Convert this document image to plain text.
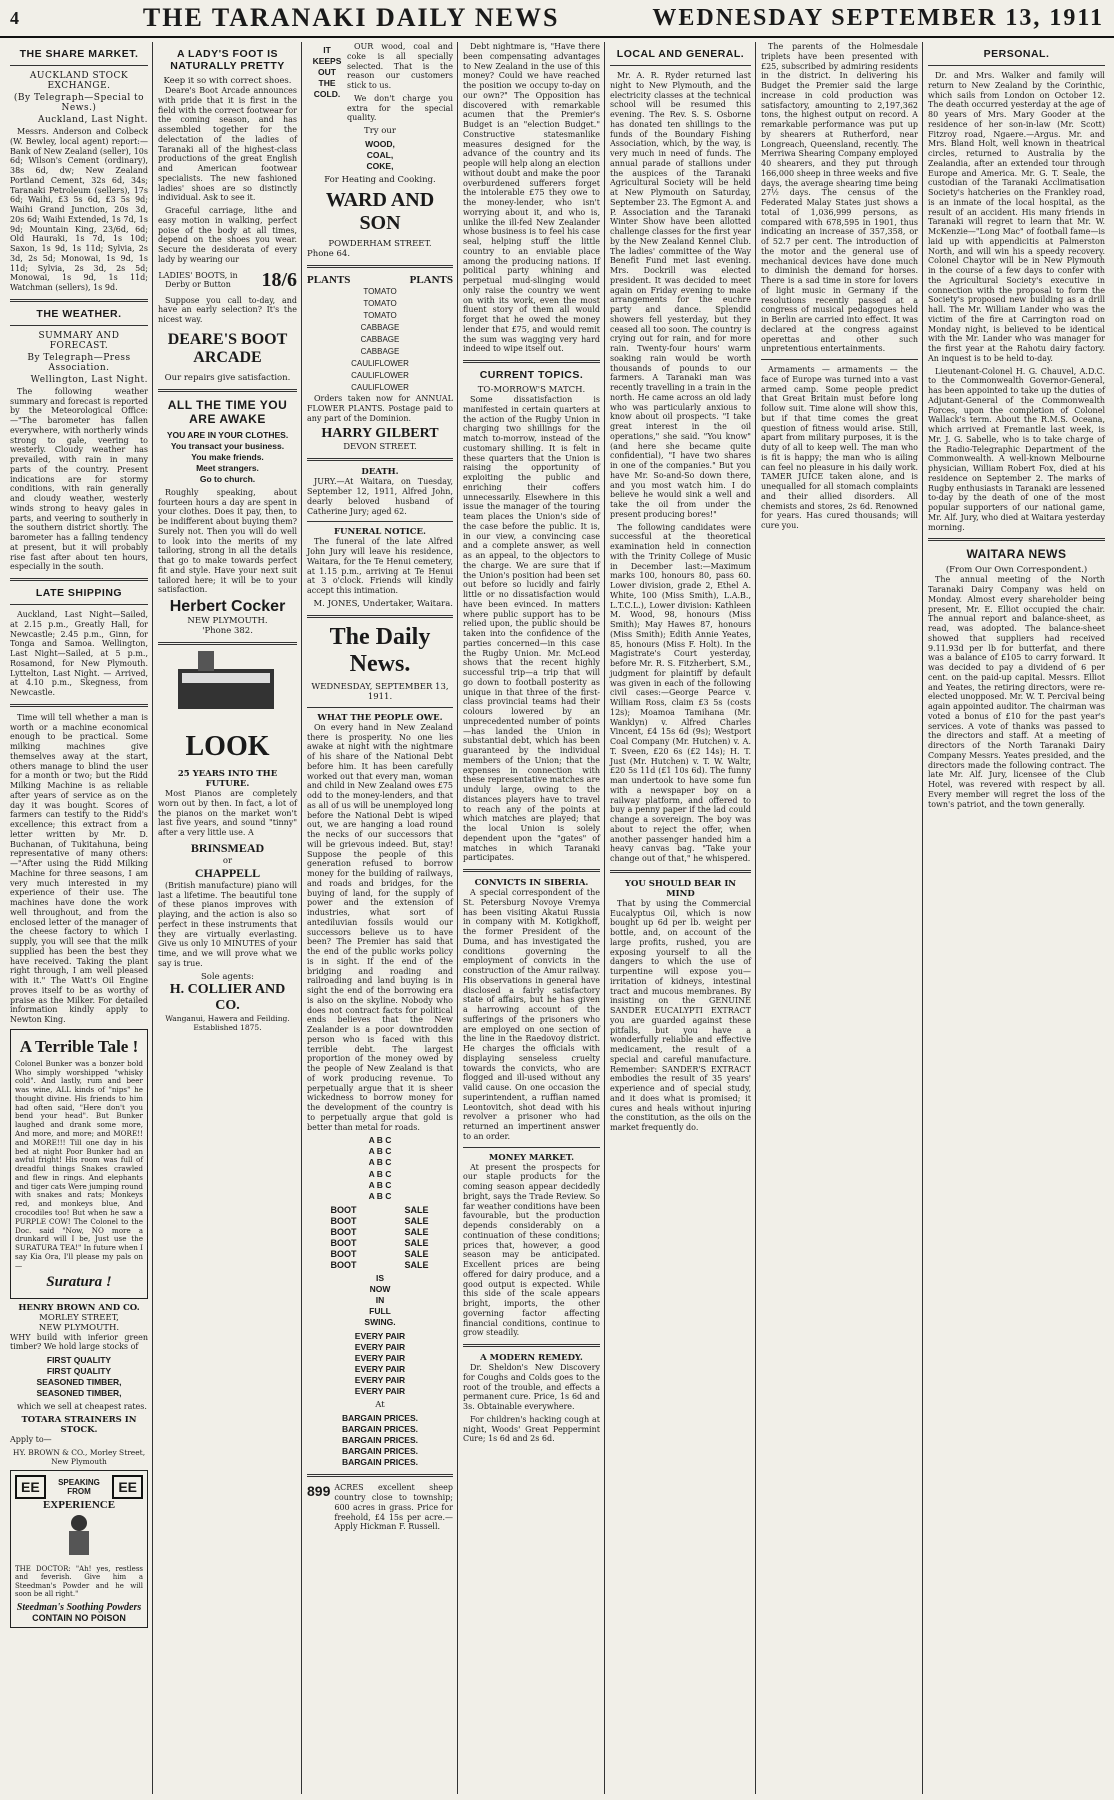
4	THE TARANAKI DAILY NEWS	WEDNESDAY SEPTEMBER 13, 1911
THE SHARE MARKET.
AUCKLAND STOCK EXCHANGE.
(By Telegraph—Special to News.)
Auckland, Last Night.

Messrs. Anderson and Colbeck (W. Bewley, local agent) report:—Bank of New Zealand (seller), 10s 6d; Wilson's Cement (ordinary), 38s 6d, dw; New Zealand Portland Cement, 32s 6d, 34s; Taranaki Petroleum (sellers), 17s 6d; Waihi, £3 5s 6d, £3 5s 9d; Waihi Grand Junction, 20s 3d, 20s 6d; Waihi Extended, 1s 7d, 1s 9d; Mountain King, 23/6d, 6d; Old Hauraki, 1s 7d, 1s 10d; Saxon, 1s 9d, 1s 11d; Sylvia, 2s 3d, 2s 5d; Monowai, 1s 9d, 1s 11d; Sylvia, 2s 3d, 2s 5d; Monowai, 1s 9d, 1s 11d; Watchman (sellers), 1s 9d.

THE WEATHER.
SUMMARY AND FORECAST.
By Telegraph—Press Association.
Wellington, Last Night.

The following weather summary and forecast is reported by the Meteorological Office:—"The barometer has fallen everywhere, with northerly winds strong to gale, veering to westerly. Cloudy weather has prevailed, with rain in many parts of the country. Present indications are for stormy conditions, with rain generally and cloudy weather, westerly winds strong to heavy gales in parts, and veering to southerly in the southern district shortly. The barometer has a falling tendency at present, but it will probably rise fast after about ten hours, especially in the south.

LATE SHIPPING

Auckland, Last Night—Sailed, at 2.15 p.m., Greatly Hall, for Newcastle; 2.45 p.m., Ginn, for Tonga and Samoa. Wellington, Last Night—Sailed, at 5 p.m., Rosamond, for New Plymouth. Lyttelton, Last Night. — Arrived, at 4.10 p.m., Skegness, from Newcastle.

Time will tell whether a man is worth or a machine economical enough to be practical. Some milking machines give themselves away at the start, others manage to blind the user for a month or two; but the Ridd Milking Machine is as reliable after years of service as on the day it was bought. Scores of farmers can testify to the Ridd's excellence; this extract from a letter written by Mr. D. Buchanan, of Tukitahuna, being representative of many others:—"After using the Ridd Milking Machine for three seasons, I am very much interested in my experience of their use. The machines have done the work well throughout, and from the enclosed letter of the manager of the cheese factory to which I supply, you will see that the milk supplied has been the best they have received. Taking the plant right through, I am well pleased with it." The Watt's Oil Engine proves itself to be as worthy of praise as the Milker. For detailed information kindly apply to Newton King.

A Terrible Tale !

Colonel Bunker was a bonzer bold Who simply worshipped "whisky cold". And lastly, rum and beer was wine, ALL kinds of "nips" he thought divine. His friends to him had often said, "Here don't you bend your head". But Bunker laughed and drank some more, And more, and more; and MORE!! and MORE!!! Till one day in his bed at night Poor Bunker had an awful fright! His room was full of dreadful things Snakes crawled and flew in rings. And elephants and tiger cats Were jumping round with snakes and rats; Monkeys red, and monkeys blue, And crocodiles too! But when he saw a PURPLE COW! The Colonel to the Doc. said "Now, NO more a drunkard will I be, Just use the SURATURA TEA!" In future when I say Kia Ora, I'll please my pals on—

Suratura !
HENRY BROWN AND CO.
MORLEY STREET,
NEW PLYMOUTH.

WHY build with inferior green timber? We hold large stocks of

FIRST QUALITY
FIRST QUALITY
SEASONED TIMBER,
SEASONED TIMBER,

which we sell at cheapest rates.

TOTARA STRAINERS IN STOCK.

Apply to—

HY. BROWN & CO., Morley Street, New Plymouth
EE	SPEAKING FROM	EE
EXPERIENCE

THE DOCTOR: "Ah! yes, restless and feverish. Give him a Steedman's Powder and he will soon be all right."

Steedman's Soothing Powders
CONTAIN NO POISON
A LADY'S FOOT IS NATURALLY PRETTY
Keep it so with correct shoes.

Deare's Boot Arcade announces with pride that it is first in the field with the correct footwear for the coming season, and has assembled together for the delectation of the ladies of Taranaki all of the highest-class productions of the great English and American footwear specialists. The new fashioned ladies' shoes are so distinctly individual. Ask to see it.

Graceful carriage, lithe and easy motion in walking, perfect poise of the body at all times, depend on the shoes you wear. Secure the desiderata of every lady by wearing our

LADIES' BOOTS, in Derby or Button	18/6

Suppose you call to-day, and have an early selection? It's the nicest way.

DEARE'S BOOT ARCADE
Our repairs give satisfaction.
ALL THE TIME YOU ARE AWAKE
YOU ARE IN YOUR CLOTHES.
You transact your business.
You make friends.
Meet strangers.
Go to church.

Roughly speaking, about fourteen hours a day are spent in your clothes. Does it pay, then, to be indifferent about buying them? Surely not. Then you will do well to look into the merits of my tailoring, strong in all the details that go to make towards perfect fit and style. Have your next suit tailored here; it will be to your satisfaction.

Herbert Cocker
NEW PLYMOUTH.
'Phone 382.
LOOK
25 YEARS INTO THE FUTURE.

Most Pianos are completely worn out by then. In fact, a lot of the pianos on the market won't last five years, and sound "tinny" after a very little use. A

BRINSMEAD
or
CHAPPELL

(British manufacture) piano will last a lifetime. The beautiful tone of these pianos improves with playing, and the action is also so perfect in these instruments that they are virtually everlasting. Give us only 10 MINUTES of your time, and we will prove what we say is true.

Sole agents:
H. COLLIER AND CO.
Wanganui, Hawera and Feilding.
Established 1875.
IT
KEEPS
OUT
THE
COLD.

OUR wood, coal and coke is all specially selected. That is the reason our customers stick to us.

We don't charge you extra for the special quality.

Try our
WOOD,
COAL,
COKE,
For Heating and Cooking.
WARD AND SON
POWDERHAM STREET.
Phone 64.
PLANTS	PLANTS
TOMATO
TOMATO
TOMATO
CABBAGE
CABBAGE
CABBAGE
CAULIFLOWER
CAULIFLOWER
CAULIFLOWER

Orders taken now for ANNUAL FLOWER PLANTS. Postage paid to any part of the Dominion.

HARRY GILBERT
DEVON STREET.
DEATH.

JURY.—At Waitara, on Tuesday, September 12, 1911, Alfred John, dearly beloved husband of Catherine Jury; aged 62.

FUNERAL NOTICE.

The funeral of the late Alfred John Jury will leave his residence, Waitara, for the Te Henui cemetery, at 1.15 p.m., arriving at Te Henui at 3 o'clock. Friends will kindly accept this intimation.

M. JONES, Undertaker, Waitara.
The Daily News.
WEDNESDAY, SEPTEMBER 13, 1911.
WHAT THE PEOPLE OWE.

On every hand in New Zealand there is prosperity. No one lies awake at night with the nightmare of his share of the National Debt before him. It has been carefully worked out that every man, woman and child in New Zealand owes £75 odd to the money-lenders, and that as all of us will be unemployed long before the National Debt is wiped out, we are hanging a load round the necks of our successors that will be grievous indeed. But, stay! Suppose the people of this generation refused to borrow money for the building of railways, and roads and bridges, for the buying of land, for the supply of power and the extension of industries, what sort of antediluvian fossils would our successors believe us to have been? The Premier has said that the end of the public works policy is in sight. If the end of the bridging and roading and railroading and land buying is in sight the end of the borrowing era is also on the skyline. Nobody who does not contract facts for political ends believes that the New Zealander is a poor downtrodden person who is faced with this terrible debt. The largest proportion of the money owed by the people of New Zealand is that of work producing revenue. To perpetually argue that it is sheer wickedness to borrow money for the development of the country is to perpetually argue that gold is better than metal for roads.

A B C
A B C
A B C
A B C
A B C
A B C
BOOT	SALE
BOOT	SALE
BOOT	SALE
BOOT	SALE
BOOT	SALE
BOOT	SALE
IS
NOW
IN
FULL
SWING.
EVERY PAIR
EVERY PAIR
EVERY PAIR
EVERY PAIR
EVERY PAIR
EVERY PAIR
At
BARGAIN PRICES.
BARGAIN PRICES.
BARGAIN PRICES.
BARGAIN PRICES.
BARGAIN PRICES.
899 ACRES excellent sheep country close to township; 600 acres in grass. Price for freehold, £4 15s per acre.—Apply Hickman F. Russell.

Debt nightmare is, "Have there been compensating advantages to New Zealand in the use of this money? Could we have reached the position we occupy to-day on our own?" The Opposition has discovered with remarkable acumen that the Premier's Budget is an "election Budget." Constructive statesmanlike measures designed for the advance of the country and its people will help along an election without doubt and make the poor overburdened sufferers forget the intolerable £75 they owe to the money-lender, who isn't worrying about it, and who is, unlike the ill-fed New Zealander whose business is to feel his case seal, helping stuff the little country to an enviable place among the producing nations. If political party whining and perpetual mud-slinging would only raise the country we went on with its work, even the most fluent story of them all would forget that he owed the money lender that £75, and would remit the sum was wagging very hard indeed to wipe itself out.

CURRENT TOPICS.
TO-MORROW'S MATCH.

Some dissatisfaction is manifested in certain quarters at the action of the Rugby Union in charging two shillings for the match to-morrow, instead of the customary shilling. It is felt in these quarters that the Union is raising the opportunity of exploiting the public and enriching their coffers unnecessarily. Elsewhere in this issue the manager of the touring team places the Union's side of the case before the public. It is, in our view, a convincing case and a complete answer, as well as an appeal, to the objectors to the charge. We are sure that if the Union's position had been set out before so lucidly and fairly little or no dissatisfaction would have been evinced. In matters where public support has to be relied upon, the public should be taken into the confidence of the parties concerned—in this case the Rugby Union. Mr. McLeod shows that the recent highly successful trip—a trip that will go down to football posterity as unique in that three of the first-class provincial teams had their colours lowered by an unprecedented number of points—has landed the Union in substantial debt, which has been guaranteed by the individual members of the Union; that the expenses in connection with these representative matches are unduly large, owing to the distances players have to travel to reach any of the points at which matches are played; that the local Union is solely dependent upon the "gates" of matches in which Taranaki participates.

CONVICTS IN SIBERIA.

A special correspondent of the St. Petersburg Novoye Vremya has been visiting Akatui Russia in company with M. Kotigkhoff, the former President of the Duma, and has investigated the conditions governing the employment of convicts in the construction of the Amur railway. His observations in general have disclosed a fairly satisfactory state of affairs, but he has given a harrowing account of the sufferings of the prisoners who are employed on one section of the line in the Raedovoy district. He charges the officials with displaying senseless cruelty towards the convicts, who are flogged and ill-used without any valid cause. On one occasion the superintendent, a ruffian named Leontovitch, shot dead with his revolver a prisoner who had returned an impertinent answer to an order.

MONEY MARKET.

At present the prospects for our staple products for the coming season appear decidedly bright, says the Trade Review. So far weather conditions have been favourable, but the production depends considerably on a continuation of these conditions; prices that, however, a good season may be anticipated. Excellent prices are being offered for dairy produce, and a good output is expected. While this side of the scale appears bright, imports, the other governing factor affecting financial conditions, continue to grow steadily.

A MODERN REMEDY.

Dr. Sheldon's New Discovery for Coughs and Colds goes to the root of the trouble, and effects a permanent cure. Price, 1s 6d and 3s. Obtainable everywhere.

For children's hacking cough at night, Woods' Great Peppermint Cure; 1s 6d and 2s 6d.

LOCAL AND GENERAL.

Mr. A. R. Ryder returned last night to New Plymouth, and the electricity classes at the technical school will be resumed this evening. The Rev. S. S. Osborne has donated ten shillings to the funds of the Boundary Fishing Association, which, by the way, is very much in need of funds. The annual parade of stallions under the auspices of the Taranaki Agricultural Society will be held at New Plymouth on Saturday, September 23. The Egmont A. and P. Association and the Taranaki Winter Show have been allotted challenge classes for the first year by the New Zealand Kennel Club. The ladies' committee of the Way Benefit Fund met last evening. Mrs. Dockrill was elected president. It was decided to meet again on Friday evening to make arrangements for the euchre party and dance. Splendid showers fell yesterday, but they ceased all too soon. The country is crying out for rain, and for more rain. Twenty-four hours' warm soaking rain would be worth thousands of pounds to our farmers. A Taranaki man was recently travelling in a train in the north. He came across an old lady who was particularly anxious to know about oil prospects. "I take great interest in the oil operations," she said. "You know" (and here she became quite confidential), "I have two shares in one of the companies." But you have Mr. So-and-So down there, and you most watch him. I do believe he would sink a well and take the oil from under the present producing bores!"

The following candidates were successful at the theoretical examination held in connection with the Trinity College of Music in December last:—Maximum marks 100, honours 80, pass 60. Lower division, grade 2, Ethel A. White, 100 (Miss Smith), L.A.B., L.T.C.L.), Lower division: Kathleen M. Wood, 98, honours (Miss Smith); May Hawes 87, honours (Miss Smith); Edith Annie Yeates, 85, honours (Miss F. Holt). In the Magistrate's Court yesterday, before Mr. R. S. Fitzherbert, S.M., judgment for plaintiff by default was given in each of the following civil cases:—George Pearce v. William Ross, claim £3 5s (costs 12s); Moamoa Tamihana (Mr. Wanklyn) v. Alfred Charles Vincent, £4 15s 6d (9s); Westport Coal Company (Mr. Hutchen) v. A. T. Sveen, £20 6s (£2 14s); H. T. Just (Mr. Hutchen) v. T. W. Waltr, £20 5s 11d (£1 10s 6d). The funny man undertook to have some fun with a newspaper boy on a railway platform, and offered to buy a penny paper if the lad could change a sovereign. The boy was about to reject the offer, when another passenger handed him a heavy canvas bag. "Take your change out of that," he whispered.

YOU SHOULD BEAR IN MIND

That by using the Commercial Eucalyptus Oil, which is now bought up 6d per lb. weight per bottle, and, on account of the large profits, rushed, you are exposing yourself to all the dangers to which the use of turpentine will expose you—irritation of kidneys, intestinal tract and mucous membranes. By insisting on the GENUINE SANDER EUCALYPTI EXTRACT you are guarded against these pitfalls, but you have a wonderfully reliable and effective medicament, the result of a special and careful manufacture. Remember: SANDER'S EXTRACT embodies the result of 35 years' experience and of special study, and it does what is promised; it cures and heals without injuring the constitution, as the oils on the market frequently do.

The parents of the Holmesdale triplets have been presented with £25, subscribed by admiring residents in the district. In delivering his Budget the Premier said the large increase in cold production was satisfactory, amounting to 2,197,362 tons, the highest output on record. A remarkable performance was put up by shearers at Rutherford, near Longreach, Queensland, recently. The Merriwa Shearing Company employed 40 shearers, and they put through 166,000 sheep in three weeks and five days, the average shearing time being 27½ days. The census of the Federated Malay States just shows a total of 1,036,999 persons, as compared with 678,595 in 1901, thus indicating an increase of 357,358, or of 52.7 per cent. The introduction of the motor and the general use of mechanical devices have done much to diminish the demand for horses. There is a sad time in store for lovers of light music in Germany if the resolutions recently passed at a congress of musical pedagogues held in Berlin are carried into effect. It was declared at the congress against operettas and other such unpretentious entertainments.

Armaments — armaments — the face of Europe was turned into a vast armed camp. Some people predict that Great Britain must before long follow suit. Time alone will show this, but if that time comes the great question of fitness would arise. Still, apart from military purposes, it is the duty of all to keep well. The man who is fit is happy; the man who is ailing can feel no pleasure in his daily work. TAMER JUICE taken alone, and is unequalled for all stomach complaints and their allied disorders. All chemists and stores, 2s 6d. Renowned for years. Has cured thousands; will cure you.

PERSONAL.

Dr. and Mrs. Walker and family will return to New Zealand by the Corinthic, which sails from London on October 12. The death occurred yesterday at the age of 80 years of Mrs. Mary Gooder at the residence of her son-in-law (Mr. Scott) Fitzroy road, Ngaere.—Argus. Mr. and Mrs. Bland Holt, well known in theatrical circles, returned to Australia by the Zealandia, after an extended tour through Europe and America. Mr. G. T. Seale, the custodian of the Taranaki Acclimatisation Society's hatcheries on the Frankley road, is an inmate of the local hospital, as the result of an accident. His many friends in Taranaki will regret to learn that Mr. W. McKenzie—"Long Mac" of football fame—is laid up with appendicitis at Palmerston North, and will win his a speedy recovery. Colonel Chaytor will be in New Plymouth in the course of a few days to confer with the Agricultural Society's executive in connection with the proposal to form the Society's proposed new building as a drill hall. The Mr. William Lander who was the victim of the fire at Carrington road on Monday night, is believed to be identical with the Mr. Lander who was manager for the first year at the Rahotu dairy factory. An inquest is to be held to-day.

Lieutenant-Colonel H. G. Chauvel, A.D.C. to the Commonwealth Governor-General, has been appointed to take up the duties of Adjutant-General of the Commonwealth Forces, upon the completion of Colonel Wallack's term. About the R.M.S. Oceana, which arrived at Fremantle last week, is Mr. J. G. Sabelle, who is to take charge of the Radio-Telegraphic Department of the Commonwealth. A well-known Melbourne physician, William Robert Fox, died at his residence on September 2. The marks of Rugby enthusiasts in Taranaki are lessened to-day by the death of one of the most popular supporters of our national game, Mr. Alf. Jury, who died at Waitara yesterday morning.

WAITARA NEWS
(From Our Own Correspondent.)

The annual meeting of the North Taranaki Dairy Company was held on Monday. Almost every shareholder being present, Mr. E. Elliot occupied the chair. The annual report and balance-sheet, as read, was adopted. The balance-sheet showed that suppliers had received 9.11.93d per lb for butterfat, and there was a balance of £105 to carry forward. It was decided to pay a dividend of 6 per cent. on the paid-up capital. Messrs. Elliot and Yeates, the retiring directors, were re-elected unopposed. Mr. W. T. Percival being again appointed auditor. The chairman was voted a bonus of £10 for the past year's services. A vote of thanks was passed to the directors and staff. At a meeting of directors of the North Taranaki Dairy Company Messrs. Yeates presided, and the directors made the following contract. The late Mr. Alf. Jury, licensee of the Club Hotel, was revered with respect by all. Every member will regret the loss of the town's patriot, and the town generally.
